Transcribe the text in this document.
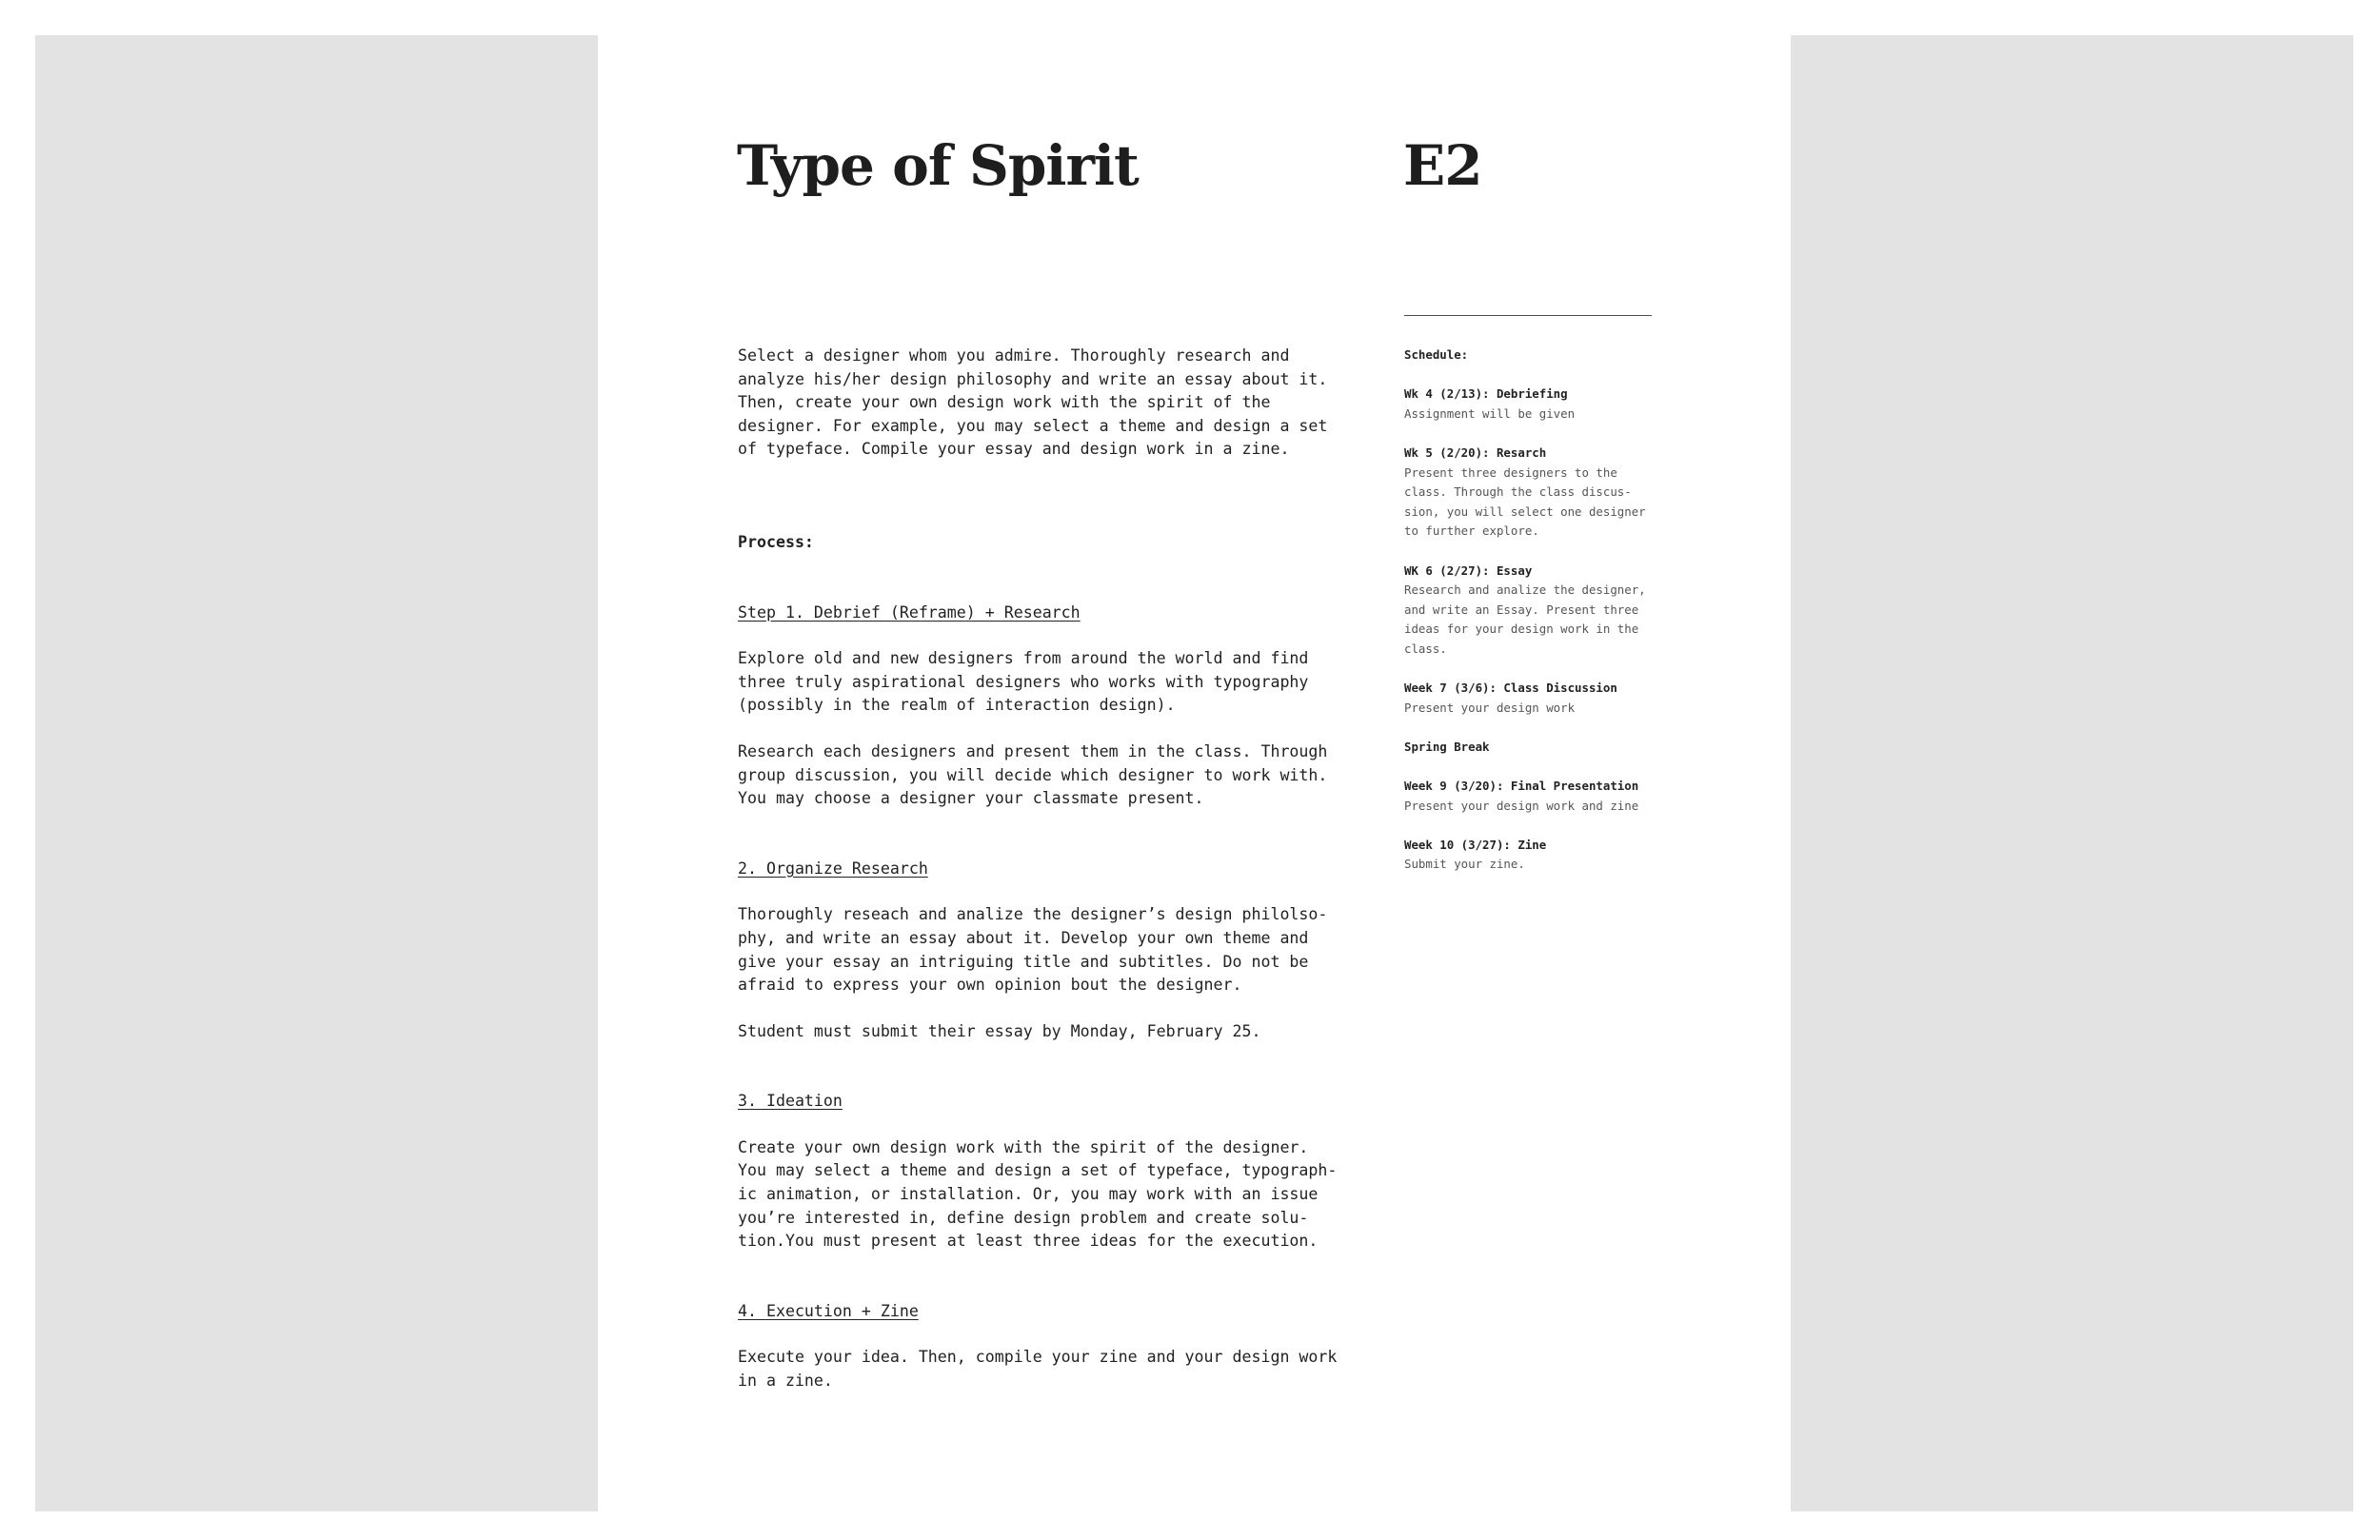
Type of Spirit	E2

Select a designer whom you admire. Thoroughly research and
analyze his/her design philosophy and write an essay about it.
Then, create your own design work with the spirit of the
designer. For example, you may select a theme and design a set
of typeface. Compile your essay and design work in a zine.

Process:

Step 1. Debrief (Reframe) + Research

Explore old and new designers from around the world and find
three truly aspirational designers who works with typography
(possibly in the realm of interaction design).

Research each designers and present them in the class. Through
group discussion, you will decide which designer to work with.
You may choose a designer your classmate present.

2. Organize Research

Thoroughly reseach and analize the designer’s design philolso-
phy, and write an essay about it. Develop your own theme and
give your essay an intriguing title and subtitles. Do not be
afraid to express your own opinion bout the designer.

Student must submit their essay by Monday, February 25.

3. Ideation

Create your own design work with the spirit of the designer.
You may select a theme and design a set of typeface, typograph-
ic animation, or installation. Or, you may work with an issue
you’re interested in, define design problem and create solu-
tion.You must present at least three ideas for the execution.

4. Execution + Zine

Execute your idea. Then, compile your zine and your design work
in a zine.

Schedule:

Wk 4 (2/13): Debriefing

Assignment will be given

Wk 5 (2/20): Resarch

Present three designers to the
class. Through the class discus-
sion, you will select one designer
to further explore.

WK 6 (2/27): Essay

Research and analize the designer,
and write an Essay. Present three
ideas for your design work in the
class.

Week 7 (3/6): Class Discussion

Present your design work

Spring Break

Week 9 (3/20): Final Presentation

Present your design work and zine

Week 10 (3/27): Zine

Submit your zine.
